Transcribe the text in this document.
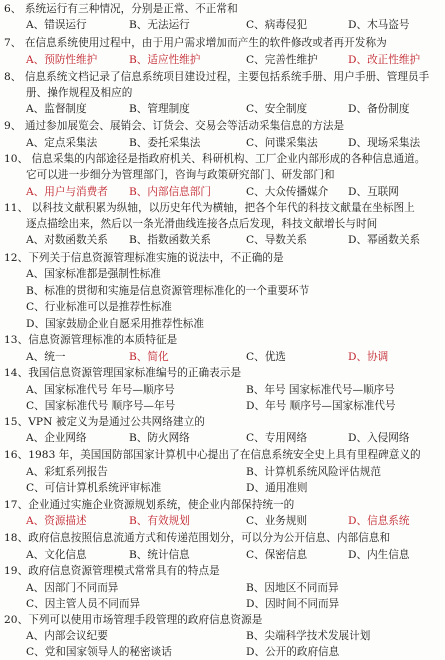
6、 系统运行有三种情况，分别是正常、不正常和
A、错误运行	B、无法运行	C、病毒侵犯	D、木马盗号
7、 在信息系统使用过程中，由于用户需求增加而产生的软件修改或者再开发称为
A、预防性维护	B、适应性维护	C、完善性维护	D、改正性维护
8、 信息系统文档记录了信息系统项目建设过程，主要包括系统手册、用户手册、管理员手
册、操作规程及相应的
A、监督制度	B、管理制度	C、安全制度	D、备份制度
9、 通过参加展览会、展销会、订货会、交易会等活动采集信息的方法是
A、定点采集法	B、委托采集法	C、问谍采集法	D、现场采集法
10、 信息采集的内部途径是指政府机关、科研机构、工厂企业内部形成的各种信息通道。
它可以进一步细分为管理部门，咨询与政策研究部门、研发部门和
A、用户与消费者 B、内部信息部门	C、大众传播媒介 D、互联网
11、 以科技文献积累为纵轴，以历史年代为横轴，把各个年代的科技文献量在坐标图上
逐点描绘出来，然后以一条光滑曲线连接各点后发现，科技文献增长与时间
A、对数函数关系 B、指数函数关系	C、导数关系	D、幂函数关系
12、下列关于信息资源管理标准实施的说法中，不正确的是
A、国家标准都是强制性标准
B、标准的贯彻和实施是信息资源管理标准化的一个重要环节
C、行业标准可以是推荐性标准
D、国家鼓励企业自愿采用推荐性标准
13、信息资源管理标准的本质特征是
A、统一	B、简化	C、优选	D、协调
14、我国信息资源管理国家标准编号的正确表示是
A、国家标准代号 年号—顺序号	B、年号 国家标准代号—顺序号
C、国家标准代号 顺序号—年号	D、年号 顺序号—国家标准代号
15、VPN 被定义为是通过公共网络建立的
A、企业网络	B、防火网络	C、专用网络	D、入侵网络
16、1983 年，美国国防部国家计算机中心提出了在信息系统安全史上具有里程碑意义的
A、彩虹系列报告	B、计算机系统风险评估规范
C、可信计算机系统评审标准	D、通用准则
17、企业通过实施企业资源规划系统，使企业内部保持统一的
A、资源描述	B、有效规划	C、业务规则	D、信息系统
18、政府信息按照信息流通方式和传递范围划分，可以分为公开信息、内部信息和
A、文化信息	B、统计信息	C、保密信息	D、内生信息
19、政府信息资源管理模式常常具有的特点是
A、因部门不同而异	B、因地区不同而异
C、因主管人员不同而异	D、因时间不同而异
20、下列可以使用市场管理手段管理的政府信息资源是
A、内部会议纪要	B、尖端科学技术发展计划
C、党和国家领导人的秘密谈话	D、公开的政府信息
